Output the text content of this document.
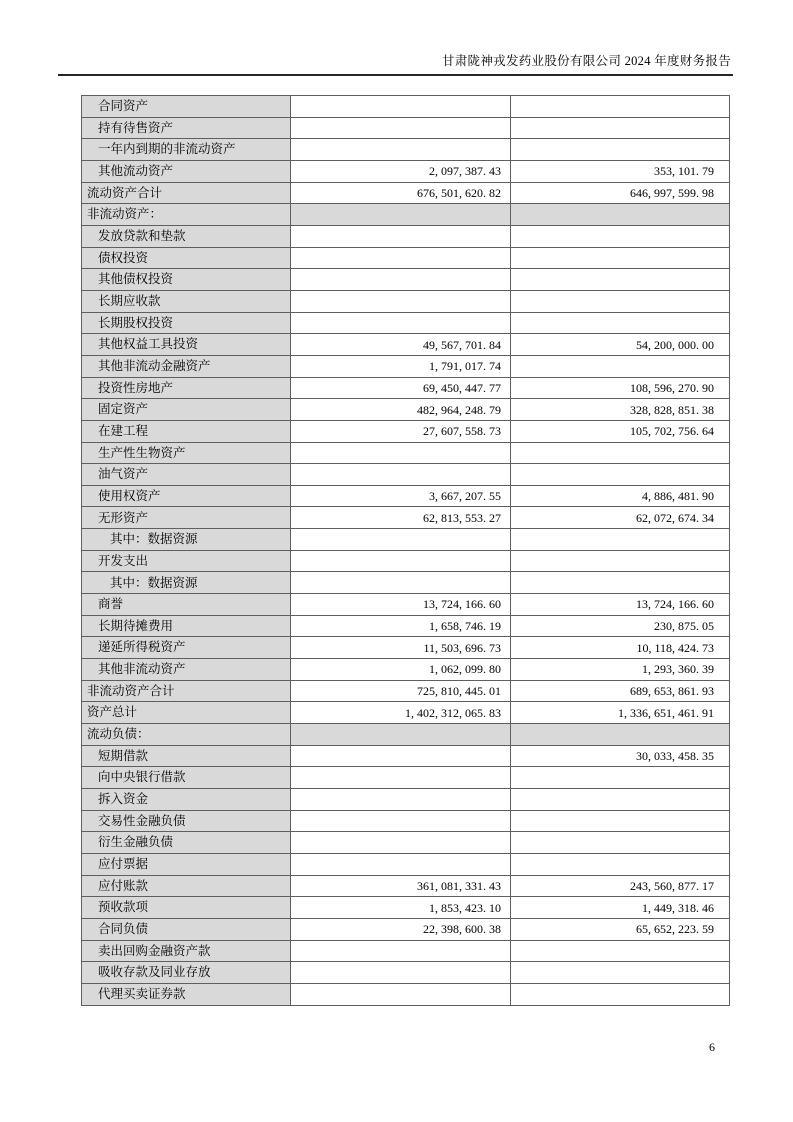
甘肃陇神戎发药业股份有限公司 2024 年度财务报告
合同资产		
持有待售资产		
一年内到期的非流动资产		
其他流动资产	2, 097, 387. 43	353, 101. 79
流动资产合计	676, 501, 620. 82	646, 997, 599. 98
非流动资产：		
发放贷款和垫款		
债权投资		
其他债权投资		
长期应收款		
长期股权投资		
其他权益工具投资	49, 567, 701. 84	54, 200, 000. 00
其他非流动金融资产	1, 791, 017. 74	
投资性房地产	69, 450, 447. 77	108, 596, 270. 90
固定资产	482, 964, 248. 79	328, 828, 851. 38
在建工程	27, 607, 558. 73	105, 702, 756. 64
生产性生物资产		
油气资产		
使用权资产	3, 667, 207. 55	4, 886, 481. 90
无形资产	62, 813, 553. 27	62, 072, 674. 34
其中：数据资源		
开发支出		
其中：数据资源		
商誉	13, 724, 166. 60	13, 724, 166. 60
长期待摊费用	1, 658, 746. 19	230, 875. 05
递延所得税资产	11, 503, 696. 73	10, 118, 424. 73
其他非流动资产	1, 062, 099. 80	1, 293, 360. 39
非流动资产合计	725, 810, 445. 01	689, 653, 861. 93
资产总计	1, 402, 312, 065. 83	1, 336, 651, 461. 91
流动负债：		
短期借款		30, 033, 458. 35
向中央银行借款		
拆入资金		
交易性金融负债		
衍生金融负债		
应付票据		
应付账款	361, 081, 331. 43	243, 560, 877. 17
预收款项	1, 853, 423. 10	1, 449, 318. 46
合同负债	22, 398, 600. 38	65, 652, 223. 59
卖出回购金融资产款		
吸收存款及同业存放		
代理买卖证券款		
6
